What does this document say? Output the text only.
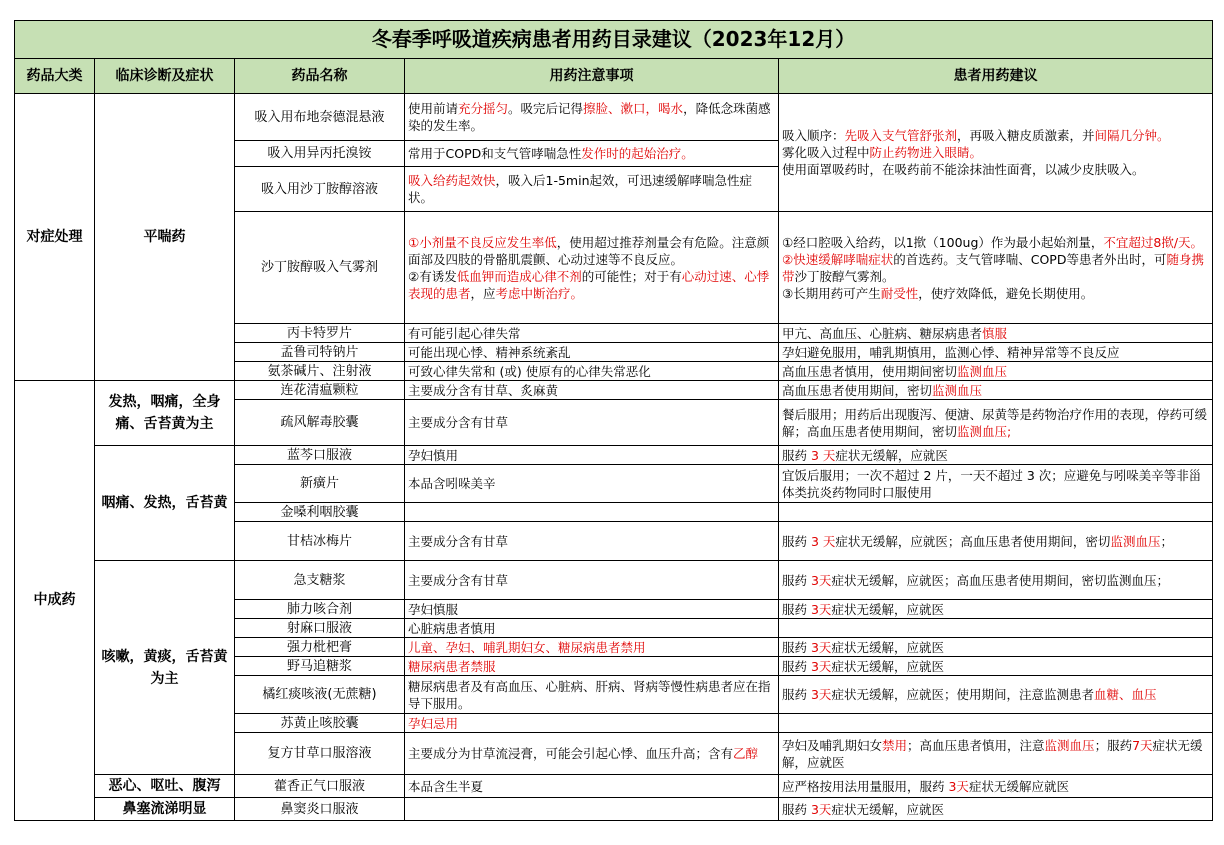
冬春季呼吸道疾病患者用药目录建议（2023年12月）				
药品大类	临床诊断及症状	药品名称	用药注意事项	患者用药建议
对症处理	平喘药	吸入用布地奈德混悬液	使用前请充分摇匀。吸完后记得擦脸、漱口，喝水，降低念珠菌感染的发生率。	吸入顺序：先吸入支气管舒张剂，再吸入糖皮质激素，并间隔几分钟。
雾化吸入过程中防止药物进入眼睛。
使用面罩吸药时，在吸药前不能涂抹油性面膏，以减少皮肤吸入。
		吸入用异丙托溴铵	常用于COPD和支气管哮喘急性发作时的起始治疗。	
		吸入用沙丁胺醇溶液	吸入给药起效快，吸入后1-5min起效，可迅速缓解哮喘急性症状。	
		沙丁胺醇吸入气雾剂	①小剂量不良反应发生率低，使用超过推荐剂量会有危险。注意颜面部及四肢的骨骼肌震颤、心动过速等不良反应。
②有诱发低血钾而造成心律不剂的可能性；对于有心动过速、心悸表现的患者，应考虑中断治疗。	①经口腔吸入给药，以1揿（100ug）作为最小起始剂量，不宜超过8揿/天。
②快速缓解哮喘症状的首选药。支气管哮喘、COPD等患者外出时，可随身携带沙丁胺醇气雾剂。
③长期用药可产生耐受性，使疗效降低，避免长期使用。
		丙卡特罗片	有可能引起心律失常	甲亢、高血压、心脏病、糖尿病患者慎服
		孟鲁司特钠片	可能出现心悸、精神系统紊乱	孕妇避免服用，哺乳期慎用，监测心悸、精神异常等不良反应
		氨茶碱片、注射液	可致心律失常和 (或) 使原有的心律失常恶化	高血压患者慎用，使用期间密切监测血压
中成药	发热，咽痛，全身痛、舌苔黄为主	连花清瘟颗粒	主要成分含有甘草、炙麻黄	高血压患者使用期间，密切监测血压
		疏风解毒胶囊	主要成分含有甘草	餐后服用；用药后出现腹泻、便溏、尿黄等是药物治疗作用的表现，停药可缓解；高血压患者使用期间，密切监测血压;
	咽痛、发热，舌苔黄	蓝芩口服液	孕妇慎用	服药 3 天症状无缓解，应就医
		新癀片	本品含吲哚美辛	宜饭后服用；一次不超过 2 片，一天不超过 3 次；应避免与吲哚美辛等非甾体类抗炎药物同时口服使用
		金嗓利咽胶囊		
		甘桔冰梅片	主要成分含有甘草	服药 3 天症状无缓解，应就医；高血压患者使用期间，密切监测血压；
	咳嗽，黄痰，舌苔黄为主	急支糖浆	主要成分含有甘草	服药 3天症状无缓解，应就医；高血压患者使用期间，密切监测血压；
		肺力咳合剂	孕妇慎服	服药 3天症状无缓解，应就医
		射麻口服液	心脏病患者慎用	
		强力枇杷膏	儿童、孕妇、哺乳期妇女、糖尿病患者禁用	服药 3天症状无缓解，应就医
		野马追糖浆	糖尿病患者禁服	服药 3天症状无缓解，应就医
		橘红痰咳液(无蔗糖)	糖尿病患者及有高血压、心脏病、肝病、肾病等慢性病患者应在指导下服用。	服药 3天症状无缓解，应就医；使用期间，注意监测患者血糖、血压
		苏黄止咳胶囊	孕妇忌用	
		复方甘草口服溶液	主要成分为甘草流浸膏，可能会引起心悸、血压升高；含有乙醇	孕妇及哺乳期妇女禁用；高血压患者慎用，注意监测血压；服药7天症状无缓解，应就医
	恶心、呕吐、腹泻	藿香正气口服液	本品含生半夏	应严格按用法用量服用，服药 3天症状无缓解应就医
	鼻塞流涕明显	鼻窦炎口服液		服药 3天症状无缓解，应就医
